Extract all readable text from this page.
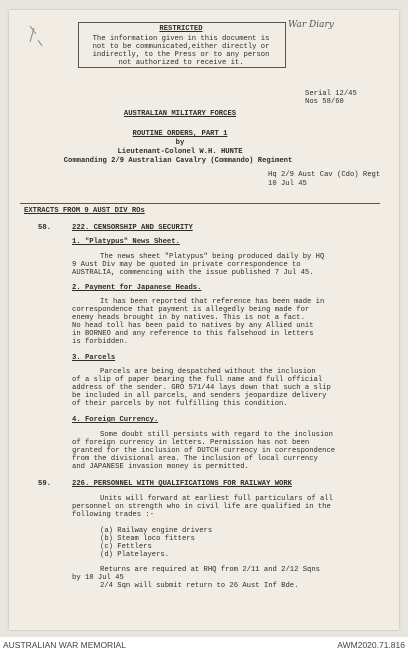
War Diary
RESTRICTED
The information given in this document is
not to be communicated,either directly or
indirectly, to the Press or to any person
not authorized to receive it.
Serial 12/45
Nos 58/60
AUSTRALIAN MILITARY FORCES
ROUTINE ORDERS, PART 1
by
Lieutenant-Colonel W.H. HUNTE
Commanding 2/9 Australian Cavalry (Commando) Regiment
Hq 2/9 Aust Cav (Cdo) Regt
10 Jul 45
EXTRACTS FROM 9 AUST DIV ROs
58.	222. CENSORSHIP AND SECURITY
1. "Platypus" News Sheet.
The news sheet "Platypus" being produced daily by HQ
9 Aust Div may be quoted in private correspondence to
AUSTRALIA, commencing with the issue published 7 Jul 45.
2. Payment for Japanese Heads.
It has been reported that reference has been made in
correspondence that payment is allegedly being made for
enemy heads brought in by natives. This is not a fact.
No head toll has been paid to natives by any Allied unit
in BORNEO and any reference to this falsehood in letters
is forbidden.
3. Parcels
Parcels are being despatched without the inclusion
of a slip of paper bearing the full name and full official
address of the sender. GRO 571/44 lays down that such a slip
be included in all parcels, and senders jeopardize delivery
of their parcels by not fulfilling this condition.
4. Foreign Currency.
Some doubt still persists with regard to the inclusion
of foreign currency in letters. Permission has not been
granted for the inclusion of DUTCH currency in correspondence
from the divisional area. The inclusion of local currency
and JAPANESE invasion money is permitted.
59.	226. PERSONNEL WITH QUALIFICATIONS FOR RAILWAY WORK
Units will forward at earliest full particulars of all
personnel on strength who in civil life are qualified in the
following trades :-
(a) Railway engine drivers
(b) Steam loco fitters
(c) Fettlers
(d) Platelayers.
Returns are required at RHQ from 2/11 and 2/12 Sqns
by 18 Jul 45
2/4 Sqn will submit return to 26 Aust Inf Bde.
AUSTRALIAN WAR MEMORIAL	AWM2020.71.816
